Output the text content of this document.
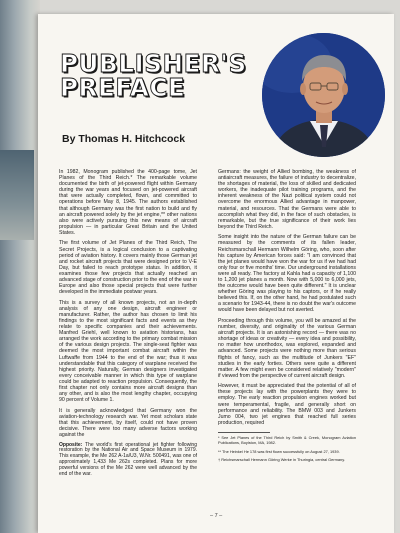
PUBLISHER'S
PREFACE
By Thomas H. Hitchcock

In 1982, Monogram published the 400-page tome, Jet Planes of the Third Reich.* The remarkable volume documented the birth of jet-powered flight within Germany during the war years and focused on jet-powered aircraft that were actually completed, flown, and committed to operations before May 8, 1945. The authors established that although Germany was the first nation to build and fly an aircraft powered solely by the jet engine,** other nations also were actively pursuing this new means of aircraft propulsion — in particular Great Britain and the United States.

The first volume of Jet Planes of the Third Reich, The Secret Projects, is a logical conclusion to a captivating period of aviation history. It covers mainly those German jet and rocket aircraft projects that were designed prior to V-E Day, but failed to reach prototype status. In addition, it examines those few projects that actually reached an advanced stage of construction prior to the end of the war in Europe and also those special projects that were further developed in the immediate postwar years.

This is a survey of all known projects, not an in-depth analysis of any one design, aircraft engineer or manufacturer. Rather, the author has chosen to limit his findings to the most significant facts and events as they relate to specific companies and their achievements. Manfred Griehl, well known to aviation historians, has arranged the work according to the primary combat mission of the various design projects. The single-seat fighter was deemed the most important combat aircraft within the Luftwaffe from 1944 to the end of the war; thus it was understandable that this category of warplane received the highest priority. Naturally, German designers investigated every conceivable manner in which this type of warplane could be adapted to reaction propulsion. Consequently, the first chapter not only contains more aircraft designs than any other, and is also the most lengthy chapter, occupying 90 percent of Volume 1.

It is generally acknowledged that Germany won the aviation-technology research war. Yet most scholars state that this achievement, by itself, could not have proven decisive. There were too many adverse factors working against the

Opposite: The world's first operational jet fighter following restoration by the National Air and Space Museum in 1979. This example, the Me 262 A-1a/U3, W.Nr. 500491, was one of approximately 1,433 Me 262s completed. Plans for more powerful versions of the Me 262 were well advanced by the end of the war.

Germans: the weight of Allied bombing, the weakness of antiaircraft measures, the failure of industry to decentralize, the shortages of material, the loss of skilled and dedicated workers, the inadequate pilot training programs, and the inherent weakness of the Nazi political system could not overcome the enormous Allied advantage in manpower, material, and resources. That the Germans were able to accomplish what they did, in the face of such obstacles, is remarkable, but the true significance of their work lies beyond the Third Reich.

Some insight into the nature of the German failure can be measured by the comments of its fallen leader, Reichsmarschall Hermann Wilhelm Göring, who, soon after his capture by American forces said: "I am convinced that the jet planes would have won the war for us if we had had only four or five months' time. Our underground installations were all ready. The factory at Kahla had a capacity of 1,100 to 1,200 jet planes a month. Now with 5,000 to 6,000 jets, the outcome would have been quite different." It is unclear whether Göring was playing to his captors, or if he really believed this. If, on the other hand, he had postulated such a scenario for 1943-44, there is no doubt the war's outcome would have been delayed but not averted.

Proceeding through this volume, you will be amazed at the number, diversity, and originality of the various German aircraft projects. It is an astonishing record — there was no shortage of ideas or creativity — every idea and possibility, no matter how unorthodox, was explored, expanded and advanced. Some projects were nothing more than serious flights of fancy, such as the multitude of Junkers "EF" studies in the early forties. Others were quite a different matter. A few might even be considered relatively "modern" if viewed from the perspective of current aircraft design.

However, it must be appreciated that the potential of all of these projects lay with the powerplants they were to employ. The early reaction propulsion engines worked but were temperamental, fragile, and generally short on performance and reliability. The BMW 003 and Junkers Jumo 004, two jet engines that reached full series production, required

* See Jet Planes of the Third Reich by Smith & Creek, Monogram Aviation Publications, Boylston, MA, 1982.

** The Heinkel He 178 was first flown successfully on August 27, 1939.

† Reichsmarschall Hermann Göring Werke in Thuringia, central Germany.

– 7 –
